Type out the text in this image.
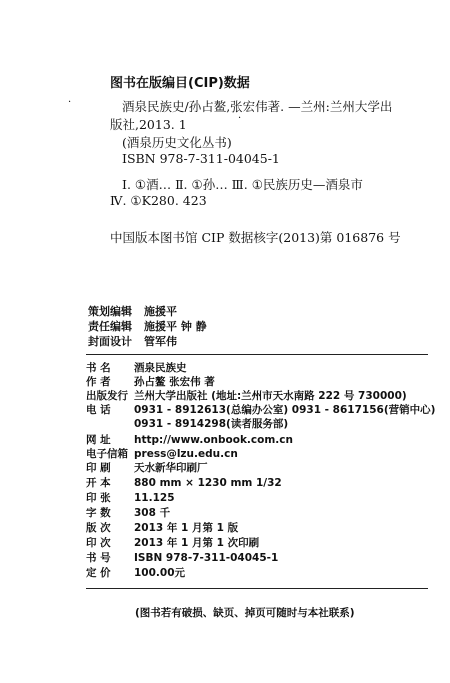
图书在版编目(CIP)数据
·	酒泉民族史/孙占鳌,张宏伟著. —兰州:兰州大学出
版社,2013. 1	·
(酒泉历史文化丛书)
ISBN 978-7-311-04045-1
Ⅰ. ①酒… Ⅱ. ①孙… Ⅲ. ①民族历史—酒泉市
Ⅳ. ①K280. 423
中国版本图书馆 CIP 数据核字(2013)第 016876 号
策划编辑 施援平
责任编辑 施援平 钟 静
封面设计 管军伟
书 名 酒泉民族史
作 者 孙占鳌 张宏伟 著
出版发行 兰州大学出版社 (地址:兰州市天水南路 222 号 730000)
电 话 0931 - 8912613(总编办公室) 0931 - 8617156(营销中心)
0931 - 8914298(读者服务部)
网 址 http://www.onbook.com.cn
电子信箱 press@lzu.edu.cn
印 刷 天水新华印刷厂
开 本 880 mm × 1230 mm 1/32
印 张 11.125
字 数 308 千
版 次 2013 年 1 月第 1 版
印 次 2013 年 1 月第 1 次印刷
书 号 ISBN 978-7-311-04045-1
定 价 100.00元
(图书若有破损、缺页、掉页可随时与本社联系)
